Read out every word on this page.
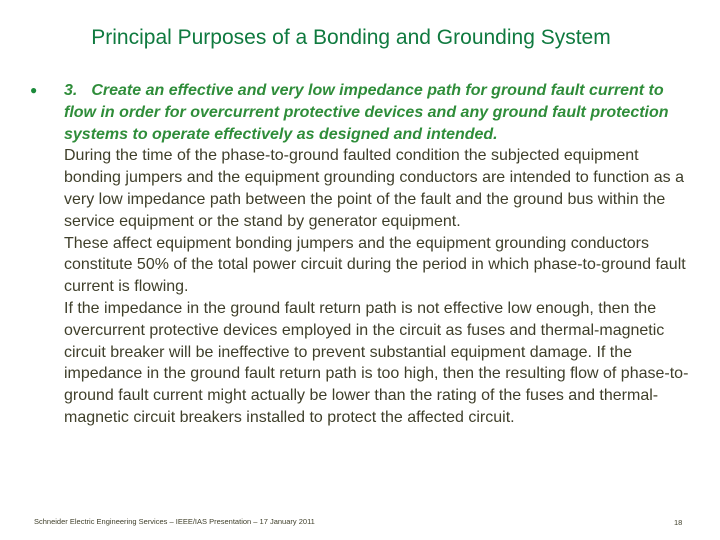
Principal Purposes of a Bonding and Grounding System
● 3. Create an effective and very low impedance path for ground fault current to flow in order for overcurrent protective devices and any ground fault protection systems to operate effectively as designed and intended.

During the time of the phase-to-ground faulted condition the subjected equipment bonding jumpers and the equipment grounding conductors are intended to function as a very low impedance path between the point of the fault and the ground bus within the service equipment or the stand by generator equipment.

These affect equipment bonding jumpers and the equipment grounding conductors constitute 50% of the total power circuit during the period in which phase-to-ground fault current is flowing.

If the impedance in the ground fault return path is not effective low enough, then the overcurrent protective devices employed in the circuit as fuses and thermal-magnetic circuit breaker will be ineffective to prevent substantial equipment damage. If the impedance in the ground fault return path is too high, then the resulting flow of phase-to-ground fault current might actually be lower than the rating of the fuses and thermal-magnetic circuit breakers installed to protect the affected circuit.

Schneider Electric Engineering Services – IEEE/IAS Presentation – 17 January 2011	18
